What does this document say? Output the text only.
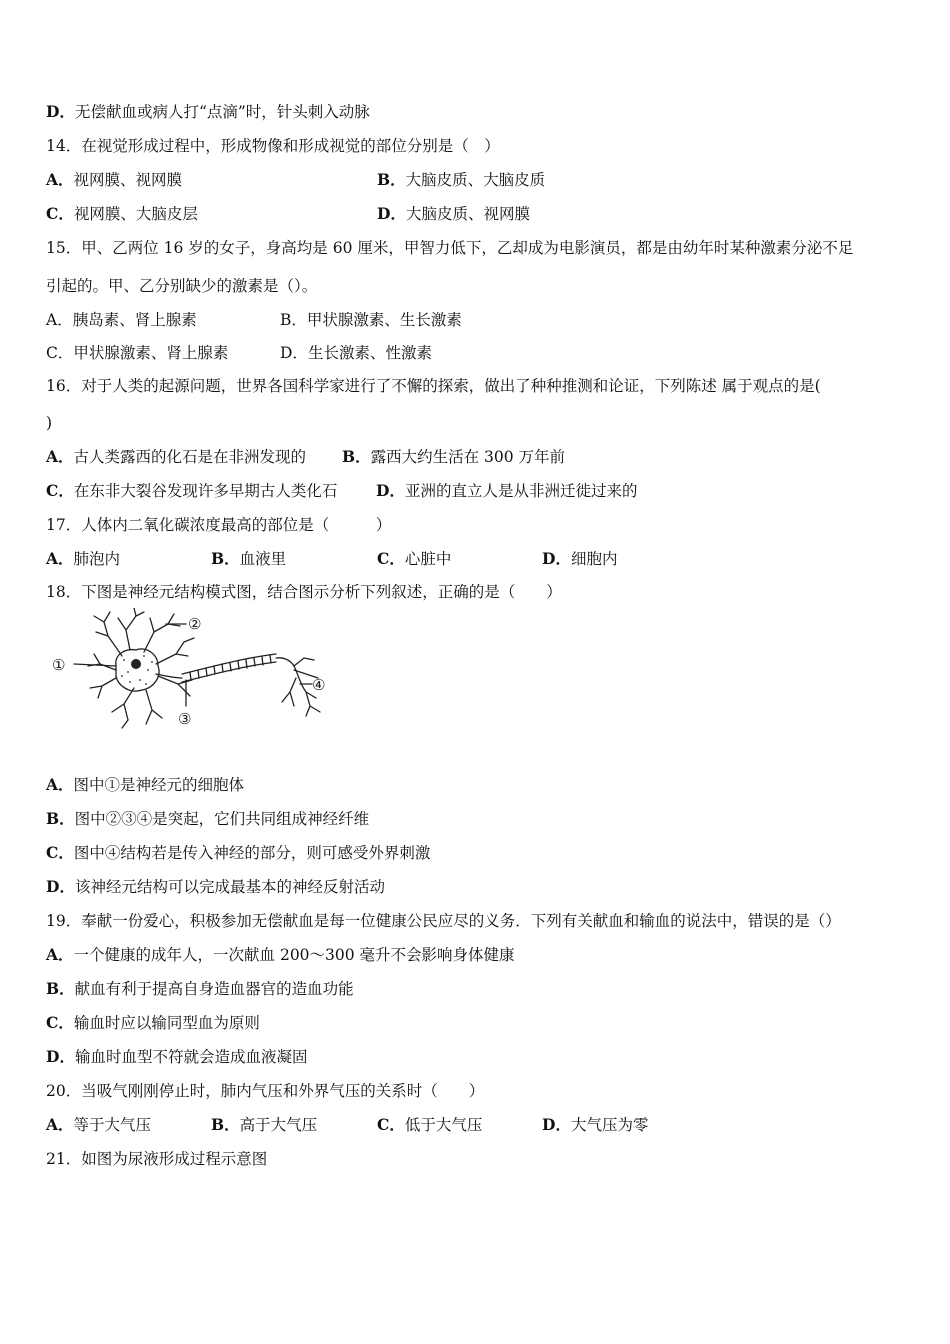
D．无偿献血或病人打“点滴”时，针头刺入动脉
14．在视觉形成过程中，形成物像和形成视觉的部位分别是（　）
A．视网膜、视网膜	B．大脑皮质、大脑皮质
C．视网膜、大脑皮层	D．大脑皮质、视网膜
15．甲、乙两位 16 岁的女子，身高均是 60 厘米，甲智力低下，乙却成为电影演员，都是由幼年时某种激素分泌不足
引起的。甲、乙分别缺少的激素是（）。
A．胰岛素、肾上腺素	B．甲状腺激素、生长激素
C．甲状腺激素、肾上腺素	D．生长激素、性激素
16．对于人类的起源问题，世界各国科学家进行了不懈的探索，做出了种种推测和论证，下列陈述 属于观点的是(
)
A．古人类露西的化石是在非洲发现的 B．露西大约生活在 300 万年前
C．在东非大裂谷发现许多早期古人类化石 D．亚洲的直立人是从非洲迁徙过来的
17．人体内二氧化碳浓度最高的部位是（　　　）
A．肺泡内	B．血液里	C．心脏中	D．细胞内
18．下图是神经元结构模式图，结合图示分析下列叙述，正确的是（　　）
①
②
③
④
A．图中①是神经元的细胞体
B．图中②③④是突起，它们共同组成神经纤维
C．图中④结构若是传入神经的部分，则可感受外界刺激
D．该神经元结构可以完成最基本的神经反射活动
19．奉献一份爱心，积极参加无偿献血是每一位健康公民应尽的义务．下列有关献血和输血的说法中，错误的是（）
A．一个健康的成年人，一次献血 200～300 毫升不会影响身体健康
B．献血有利于提高自身造血器官的造血功能
C．输血时应以输同型血为原则
D．输血时血型不符就会造成血液凝固
20．当吸气刚刚停止时，肺内气压和外界气压的关系时（　　）
A．等于大气压	B．高于大气压	C．低于大气压	D．大气压为零
21．如图为尿液形成过程示意图
